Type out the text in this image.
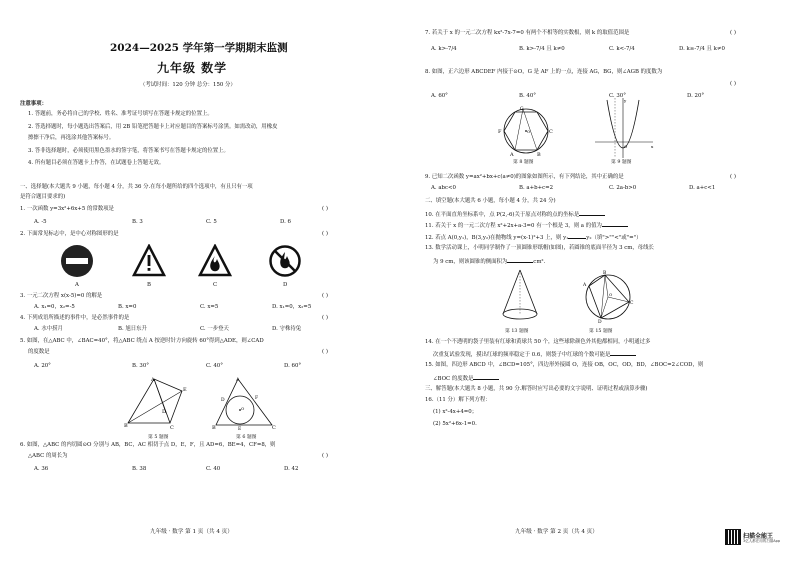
2024—2025 学年第一学期期末监测
九年级 数学
（考试时间：120 分钟 总分：150 分）
注意事项：
1. 答题前，务必将自己的学校、姓名、准考证号填写在答题卡规定的位置上。
2. 答选择题时，每小题选出答案后，用 2B 铅笔把答题卡上对应题目的答案标号涂黑。如需改动，用橡皮
擦擦干净后，再选涂其他答案标号。
3. 答非选择题时，必须使用黑色墨水的签字笔，将答案书写在答题卡规定的位置上。
4. 所有题目必须在答题卡上作答，在试题卷上答题无效。
一、选择题(本大题共 9 小题，每小题 4 分，共 36 分.在每小题所给的四个选项中，有且只有一项
是符合题目要求的)
1. 一次函数 y=3x²+6x+5 的常数项是	( )
A. -5	B. 3	C. 5	D. 6
2. 下面常见标志中，是中心对称图形的是	( )
A	B	C	D
3. 一元二次方程 x(x-5)=0 的解是	( )
A. x₁=0，x₂=-5	B. x=0	C. x=5	D. x₁=0，x₂=5
4. 下列成语所描述的事件中，是必然事件的是	( )
A. 水中捞月	B. 旭日东升	C. 一步登天	D. 守株待兔
5. 如图，在△ABC 中，∠BAC=40°，将△ABC 绕点 A 按逆时针方向旋转 60°得到△ADE，则∠CAD
的度数是	( )
A. 20°	B. 30°	C. 40°	D. 60°
A
B	C
E
D
第 5 题图
A
B	C
O
D	F
E
第 6 题图
6. 如图，△ABC 的内切圆⊙O 分别与 AB，BC，AC 相切于点 D，E，F，且 AD=6，BE=4，CF=8，则
△ABC 的周长为	( )
A. 36	B. 38	C. 40	D. 42
九年级 · 数学 第 1 页（共 4 页）
7. 若关于 x 的一元二次方程 kx²-7x-7=0 有两个不相等的实数根，则 k 的取值范围是	( )
A. k>-7/4	B. k>-7/4 且 k≠0	C. k<-7/4	D. k≥-7/4 且 k≠0
8. 如图，正六边形 ABCDEF 内接于⊙O，G 是 AF 上的一点，连接 AG，BG，则∠AGB 的度数为
( )
A. 60°	B. 40°	C. 30°	D. 20°
F	C
A	B
O
G
第 8 题图
O	x
y
第 9 题图
9. 已知二次函数 y=ax²+bx+c(a≠0)的图象如图所示，有下列结论，其中正确的是	( )
A. abc<0	B. a+b+c=2	C. 2a-b>0	D. a+c<1
二、填空题(本大题共 6 小题，每小题 4 分，共 24 分)
10. 在平面直角坐标系中，点 P(2,-6)关于原点对称的点的坐标是
11. 若关于 x 的一元二次方程 x²+2x+a-3=0 有一个根是 3，则 a 的值为
12. 若点 A(0,y₁)，B(3,y₂)在抛物线 y=(x-1)²+3 上，则 y₁	y₂（填">""<"或"="）
13. 数学活动课上，小明同学制作了一顶圆锥形纸帽(如图)，若圆锥的底面半径为 3 cm，母线长
为 9 cm，则该圆锥的侧面积为	cm².
第 13 题图
A
B
C
D
O
第 15 题图
14. 在一个不透明的袋子里装有红球和黄球共 50 个，这些球除颜色外其他都相同，小明通过多
次重复试验发现，摸出红球的频率稳定于 0.6，则袋子中红球的个数可能是
15. 如图，四边形 ABCD 中，∠BCD=105°，四边形外接圆 O，连接 OB，OC，OD，BD，∠BOC=2∠COD，则
∠BOC 的度数是
三、解答题(本大题共 8 小题，共 90 分.解答时应写出必要的文字说明、证明过程或演算步骤)
16.（11 分）解下列方程：
(1) x²-4x+4=0；
(2) 5x²+6x-1=0.
九年级 · 数学 第 2 页（共 4 页）
扫描全能王
3亿人都在用的扫描App
